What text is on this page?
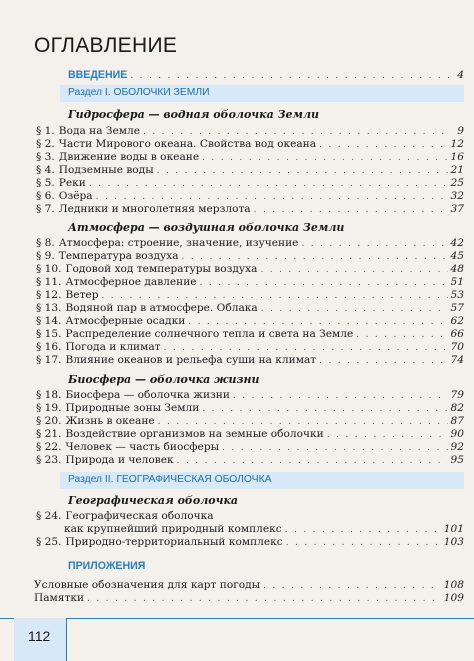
ОГЛАВЛЕНИЕ
ВВЕДЕНИЕ . . .	4
Раздел I. ОБОЛОЧКИ ЗЕМЛИ
Гидросфера — водная оболочка Земли
§ 1. Вода на Земле . . .	9
§ 2. Части Мирового океана. Свойства вод океана . . .	12
§ 3. Движение воды в океане . . .	16
§ 4. Подземные воды . . .	21
§ 5. Реки . . .	25
§ 6. Озёра . . .	32
§ 7. Ледники и многолетняя мерзлота . . .	37
Атмосфера — воздушная оболочка Земли
§ 8. Атмосфера: строение, значение, изучение . . .	42
§ 9. Температура воздуха . . .	45
§ 10. Годовой ход температуры воздуха . . .	48
§ 11. Атмосферное давление . . .	51
§ 12. Ветер . . .	53
§ 13. Водяной пар в атмосфере. Облака . . .	57
§ 14. Атмосферные осадки . . .	62
§ 15. Распределение солнечного тепла и света на Земле . . .	66
§ 16. Погода и климат . . .	70
§ 17. Влияние океанов и рельефа суши на климат . . .	74
Биосфера — оболочка жизни
§ 18. Биосфера — оболочка жизни . . .	79
§ 19. Природные зоны Земли . . .	82
§ 20. Жизнь в океане . . .	87
§ 21. Воздействие организмов на земные оболочки . . .	90
§ 22. Человек — часть биосферы . . .	92
§ 23. Природа и человек . . .	95
Раздел II. ГЕОГРАФИЧЕСКАЯ ОБОЛОЧКА
Географическая оболочка
§ 24. Географическая оболочка
как крупнейший природный комплекс . . .	101
§ 25. Природно-территориальный комплекс . . .	103
ПРИЛОЖЕНИЯ
Условные обозначения для карт погоды . . .	108
Памятки . . .	109
112
